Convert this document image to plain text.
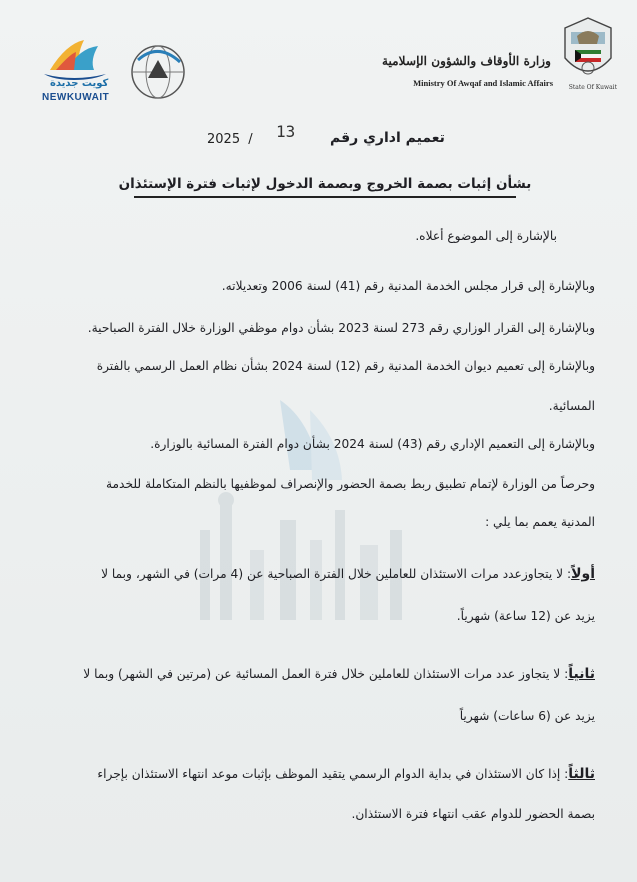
State Of Kuwait
وزارة الأوقاف والشؤون الإسلامية
Ministry Of Awqaf and Islamic Affairs
كويت جديدة
NEWKUWAIT
تعميم اداري رقم
13
2025 /
بشأن إثبات بصمة الخروج وبصمة الدخول لإثبات فترة الإستئذان
بالإشارة إلى الموضوع أعلاه.
وبالإشارة إلى قرار مجلس الخدمة المدنية رقم (41) لسنة 2006 وتعديلاته.
وبالإشارة إلى القرار الوزاري رقم 273 لسنة 2023 بشأن دوام موظفي الوزارة خلال الفترة الصباحية.
وبالإشارة إلى تعميم ديوان الخدمة المدنية رقم (12) لسنة 2024 بشأن نظام العمل الرسمي بالفترة
المسائية.
وبالإشارة إلى التعميم الإداري رقم (43) لسنة 2024 بشأن دوام الفترة المسائية بالوزارة.
وحرصاً من الوزارة لإتمام تطبيق ربط بصمة الحضور والإنصراف لموظفيها بالنظم المتكاملة للخدمة
المدنية يعمم بما يلي :
أولاً: لا يتجاوزعدد مرات الاستئذان للعاملين خلال الفترة الصباحية عن (4 مرات) في الشهر، وبما لا
يزيد عن (12 ساعة) شهرياً.
ثانياً: لا يتجاوز عدد مرات الاستئذان للعاملين خلال فترة العمل المسائية عن (مرتين في الشهر) وبما لا
يزيد عن (6 ساعات) شهرياً
ثالثاً: إذا كان الاستئذان في بداية الدوام الرسمي يتقيد الموظف بإثبات موعد انتهاء الاستئذان بإجراء
بصمة الحضور للدوام عقب انتهاء فترة الاستئذان.
